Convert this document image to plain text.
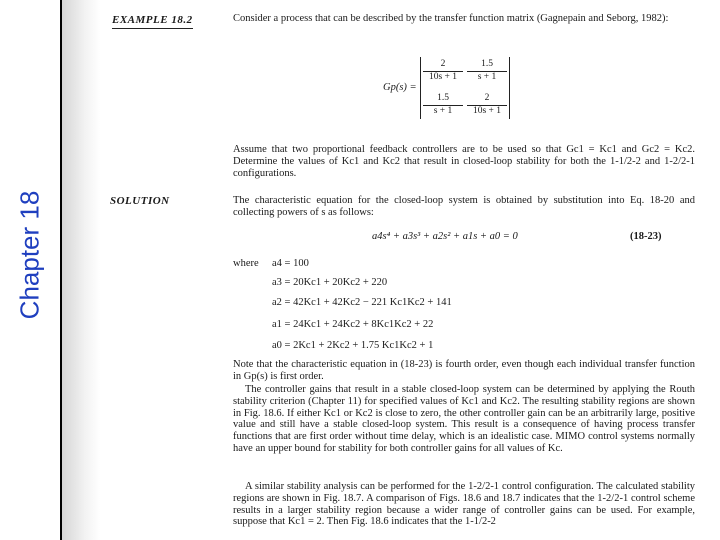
Chapter 18
EXAMPLE 18.2	Consider a process that can be described by the transfer function matrix (Gagnepain and Seborg, 1982):
Gp(s) =
$\frac{2}{10s + 1} \frac{1.5}{s + 1}$
$\frac{1.5}{s + 1} \frac{2}{10s + 1}$
Assume that two proportional feedback controllers are to be used so that Gc1 = Kc1 and Gc2 = Kc2. Determine the values of Kc1 and Kc2 that result in closed-loop stability for both the 1-1/2-2 and 1-2/2-1 configurations.
SOLUTION	The characteristic equation for the closed-loop system is obtained by substitution into Eq. 18-20 and collecting powers of s as follows:
a4s⁴ + a3s³ + a2s² + a1s + a0 = 0	(18-23)
where a4 = 100
a3 = 20Kc1 + 20Kc2 + 220
a2 = 42Kc1 + 42Kc2 − 221 Kc1Kc2 + 141
a1 = 24Kc1 + 24Kc2 + 8Kc1Kc2 + 22
a0 = 2Kc1 + 2Kc2 + 1.75 Kc1Kc2 + 1
Note that the characteristic equation in (18-23) is fourth order, even though each individual transfer function in Gp(s) is first order.
The controller gains that result in a stable closed-loop system can be determined by applying the Routh stability criterion (Chapter 11) for specified values of Kc1 and Kc2. The resulting stability regions are shown in Fig. 18.6. If either Kc1 or Kc2 is close to zero, the other controller gain can be an arbitrarily large, positive value and still have a stable closed-loop system. This result is a consequence of having process transfer functions that are first order without time delay, which is an idealistic case. MIMO control systems normally have an upper bound for stability for both controller gains for all values of Kc.
A similar stability analysis can be performed for the 1-2/2-1 control configuration. The calculated stability regions are shown in Fig. 18.7. A comparison of Figs. 18.6 and 18.7 indicates that the 1-2/2-1 control scheme results in a larger stability region because a wider range of controller gains can be used. For example, suppose that Kc1 = 2. Then Fig. 18.6 indicates that the 1-1/2-2
